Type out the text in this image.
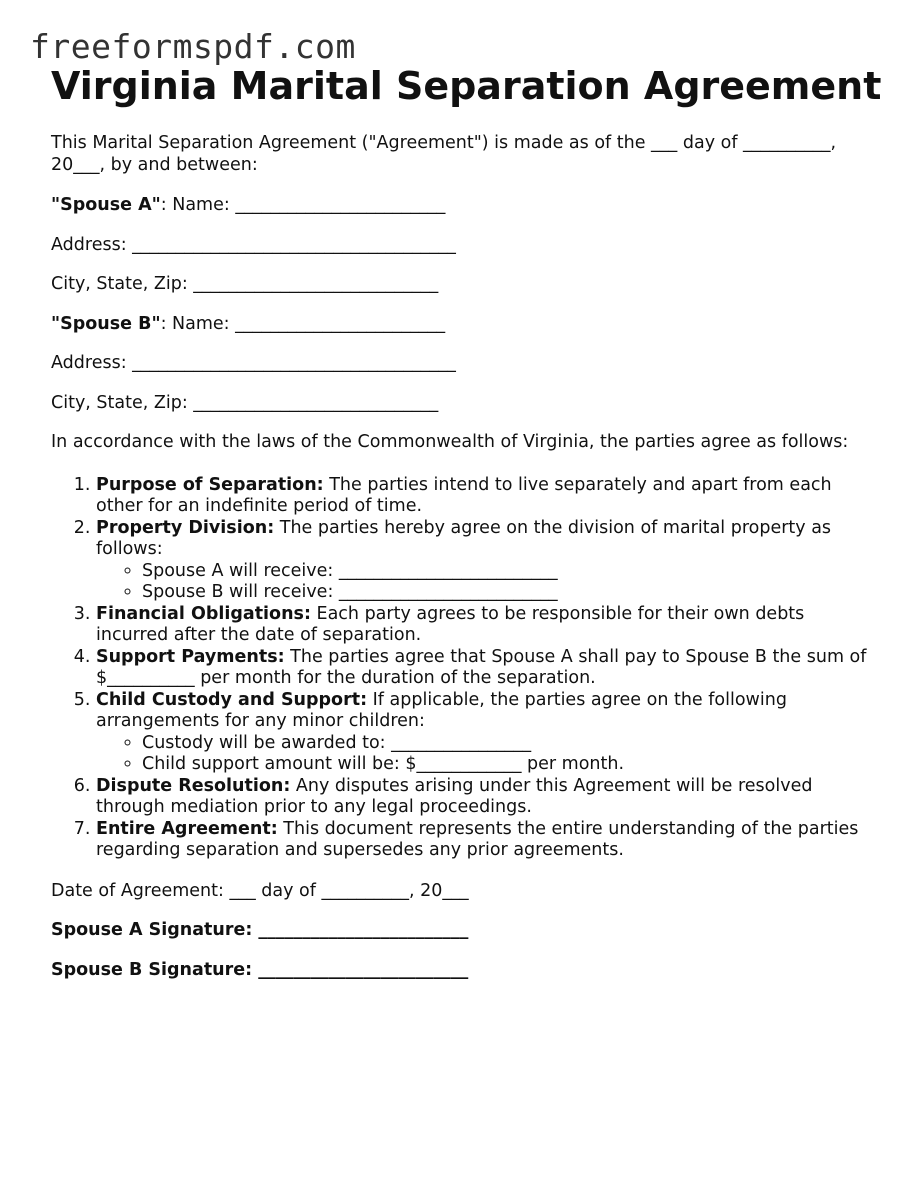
freeformspdf.com
Virginia Marital Separation Agreement

This Marital Separation Agreement ("Agreement") is made as of the ___ day of __________, 20___, by and between:

"Spouse A": Name: ________________________

Address: _____________________________________

City, State, Zip: ____________________________

"Spouse B": Name: ________________________

Address: _____________________________________

City, State, Zip: ____________________________

In accordance with the laws of the Commonwealth of Virginia, the parties agree as follows:

1. Purpose of Separation: The parties intend to live separately and apart from each other for an indefinite period of time.
2. Property Division: The parties hereby agree on the division of marital property as follows:
◦ Spouse A will receive: _________________________
◦ Spouse B will receive: _________________________
3. Financial Obligations: Each party agrees to be responsible for their own debts incurred after the date of separation.
4. Support Payments: The parties agree that Spouse A shall pay to Spouse B the sum of $__________ per month for the duration of the separation.
5. Child Custody and Support: If applicable, the parties agree on the following arrangements for any minor children:
◦ Custody will be awarded to: ________________
◦ Child support amount will be: $____________ per month.
6. Dispute Resolution: Any disputes arising under this Agreement will be resolved through mediation prior to any legal proceedings.
7. Entire Agreement: This document represents the entire understanding of the parties regarding separation and supersedes any prior agreements.

Date of Agreement: ___ day of __________, 20___

Spouse A Signature: ________________________

Spouse B Signature: ________________________
